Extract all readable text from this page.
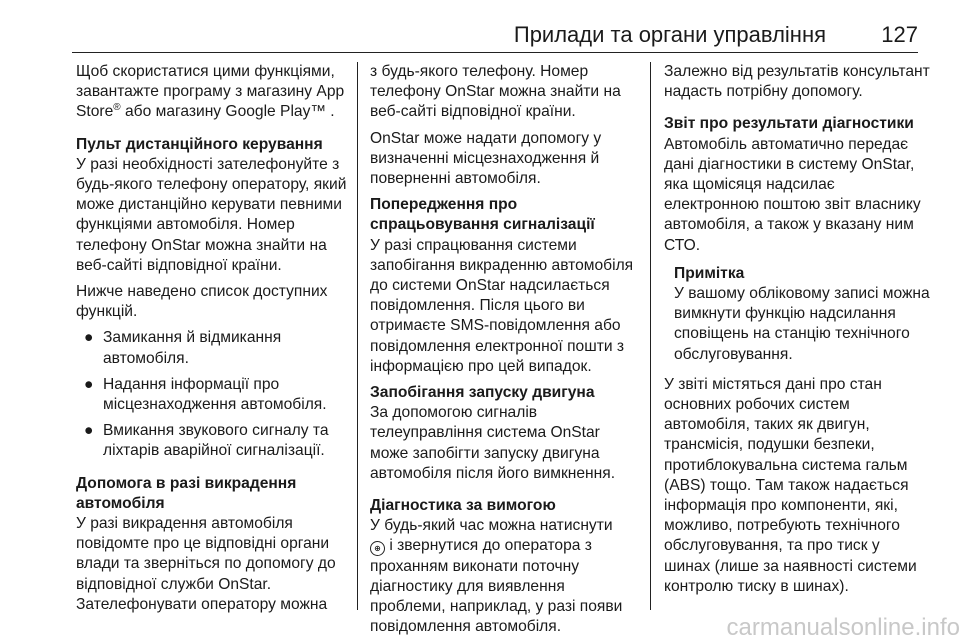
Прилади та органи управління	127

Щоб скористатися цими функціями, завантажте програму з магазину App Store® або магазину Google Play™ .

Пульт дистанційного керування

У разі необхідності зателефонуйте з будь-якого телефону оператору, який може дистанційно керувати певними функціями автомобіля. Номер телефону OnStar можна знайти на веб-сайті відповідної країни.

Нижче наведено список доступних функцій.

● Замикання й відмикання автомобіля.
● Надання інформації про місцезнаходження автомобіля.
● Вмикання звукового сигналу та ліхтарів аварійної сигналізації.

Допомога в разі викрадення автомобіля

У разі викрадення автомобіля повідомте про це відповідні органи влади та зверніться по допомогу до відповідної служби OnStar. Зателефонувати оператору можна

з будь-якого телефону. Номер телефону OnStar можна знайти на веб-сайті відповідної країни.

OnStar може надати допомогу у визначенні місцезнаходження й поверненні автомобіля.

Попередження про спрацьовування сигналізації

У разі спрацювання системи запобігання викраденню автомобіля до системи OnStar надсилається повідомлення. Після цього ви отримаєте SMS-повідомлення або повідомлення електронної пошти з інформацією про цей випадок.

Запобігання запуску двигуна

За допомогою сигналів телеуправління система OnStar може запобігти запуску двигуна автомобіля після його вимкнення.

Діагностика за вимогою

У будь-який час можна натиснути
⊕ і звернутися до оператора з проханням виконати поточну діагностику для виявлення проблеми, наприклад, у разі появи повідомлення автомобіля.

Залежно від результатів консультант надасть потрібну допомогу.

Звіт про результати діагностики

Автомобіль автоматично передає дані діагностики в систему OnStar, яка щомісяця надсилає електронною поштою звіт власнику автомобіля, а також у вказану ним СТО.

Примітка

У вашому обліковому записі можна вимкнути функцію надсилання сповіщень на станцію технічного обслуговування.

У звіті містяться дані про стан основних робочих систем автомобіля, таких як двигун, трансмісія, подушки безпеки, протиблокувальна система гальм (ABS) тощо. Там також надається інформація про компоненти, які, можливо, потребують технічного обслуговування, та про тиск у шинах (лише за наявності системи контролю тиску в шинах).

carmanualsonline.info
